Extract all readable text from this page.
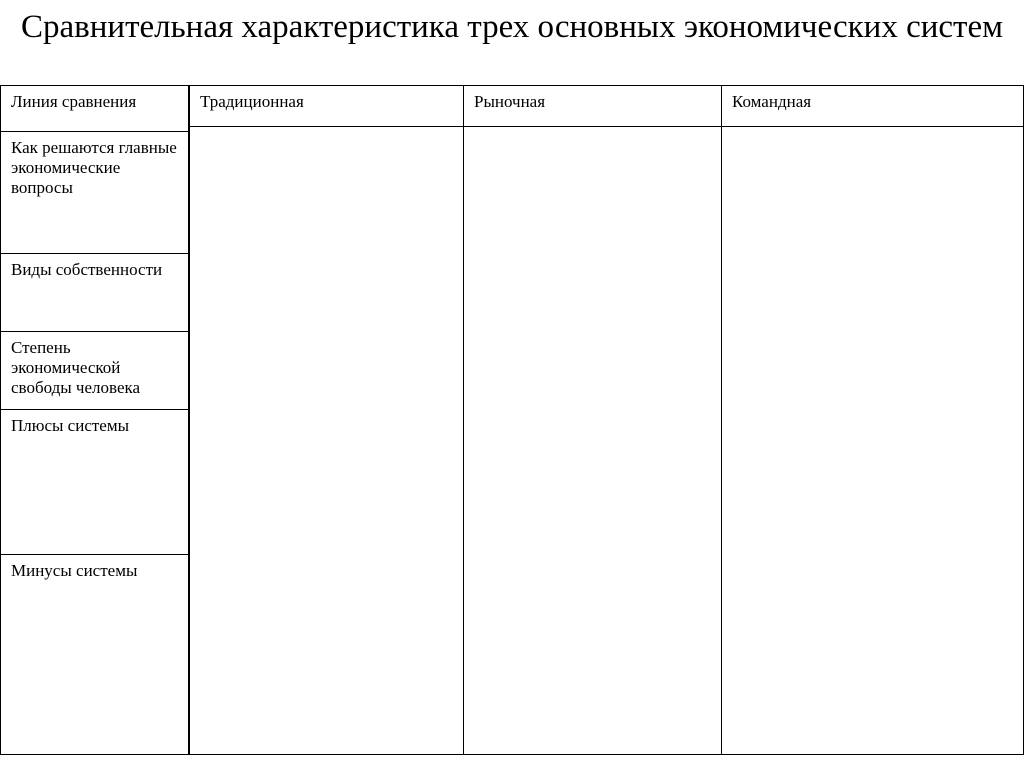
Сравнительная характеристика трех основных экономических систем
Линия сравнения
Как решаются главные экономические вопросы
Виды собственности
Степень экономической свободы человека
Плюсы системы
Минусы системы
Традиционная	Рыночная	Командная
